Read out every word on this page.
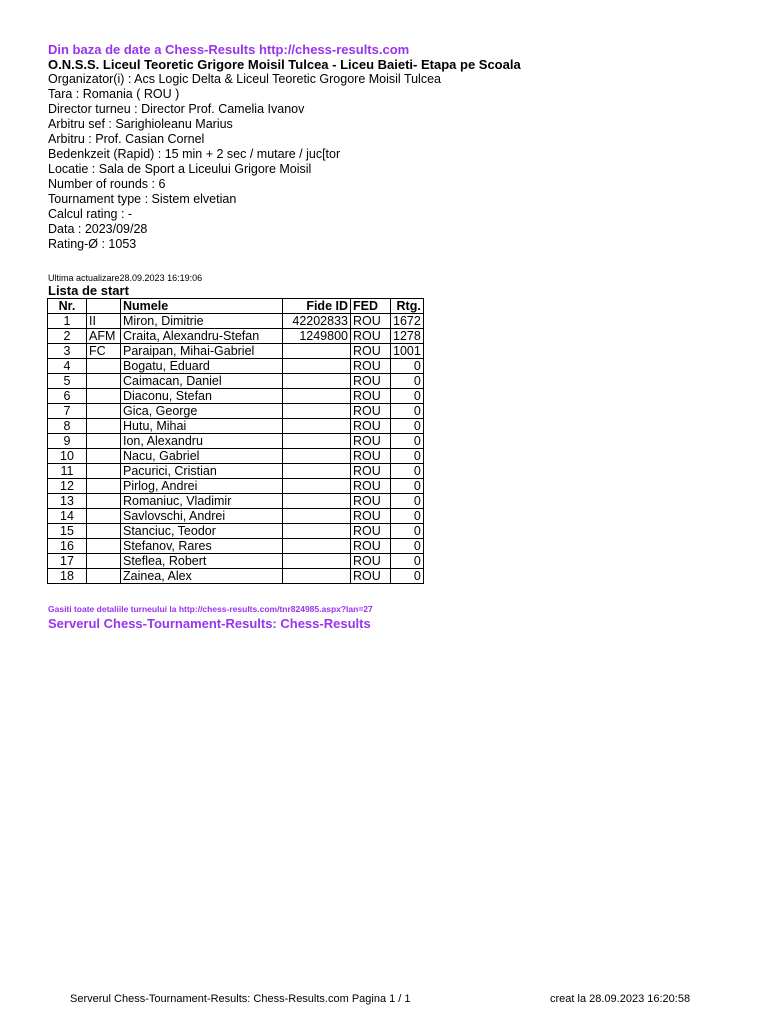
Din baza de date a Chess-Results http://chess-results.com
O.N.S.S. Liceul Teoretic Grigore Moisil Tulcea - Liceu Baieti- Etapa pe Scoala
Organizator(i) : Acs Logic Delta & Liceul Teoretic Grogore Moisil Tulcea
Tara : Romania ( ROU )
Director turneu : Director Prof. Camelia Ivanov
Arbitru sef : Sarighioleanu Marius
Arbitru : Prof. Casian Cornel
Bedenkzeit (Rapid) : 15 min + 2 sec / mutare / juc[tor
Locatie : Sala de Sport a Liceului Grigore Moisil
Number of rounds : 6
Tournament type : Sistem elvetian
Calcul rating : -
Data : 2023/09/28
Rating-Ø : 1053
Ultima actualizare28.09.2023 16:19:06
Lista de start
Nr.		Numele	Fide ID	FED	Rtg.
1	II	Miron, Dimitrie	42202833	ROU	1672
2	AFM	Craita, Alexandru-Stefan	1249800	ROU	1278
3	FC	Paraipan, Mihai-Gabriel		ROU	1001
4		Bogatu, Eduard		ROU	0
5		Caimacan, Daniel		ROU	0
6		Diaconu, Stefan		ROU	0
7		Gica, George		ROU	0
8		Hutu, Mihai		ROU	0
9		Ion, Alexandru		ROU	0
10		Nacu, Gabriel		ROU	0
11		Pacurici, Cristian		ROU	0
12		Pirlog, Andrei		ROU	0
13		Romaniuc, Vladimir		ROU	0
14		Savlovschi, Andrei		ROU	0
15		Stanciuc, Teodor		ROU	0
16		Stefanov, Rares		ROU	0
17		Steflea, Robert		ROU	0
18		Zainea, Alex		ROU	0
Gasiti toate detaliile turneului la http://chess-results.com/tnr824985.aspx?lan=27
Serverul Chess-Tournament-Results: Chess-Results
Serverul Chess-Tournament-Results: Chess-Results.com Pagina 1 / 1	creat la 28.09.2023 16:20:58
